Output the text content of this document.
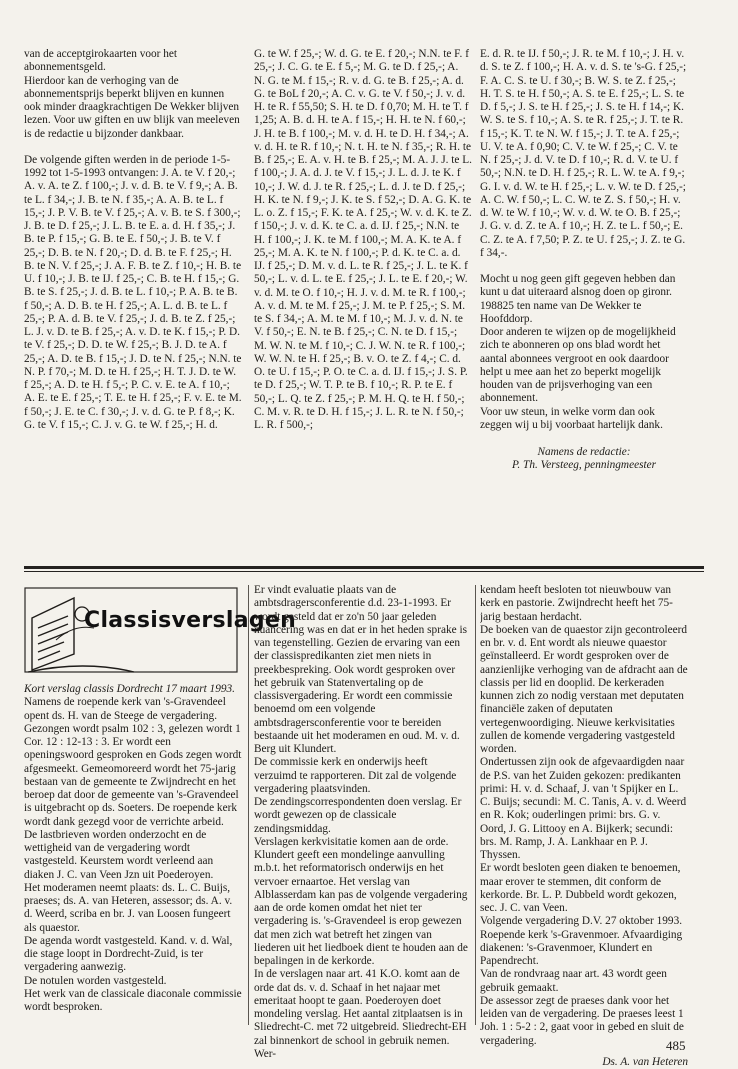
van de acceptgirokaarten voor het abonnementsgeld.

Hierdoor kan de verhoging van de abonnementsprijs beperkt blijven en kunnen ook minder draagkrachtigen De Wekker blijven lezen. Voor uw giften en uw blijk van meeleven is de redactie u bijzonder dankbaar.

De volgende giften werden in de periode 1-5-1992 tot 1-5-1993 ontvangen: J. A. te V. f 20,-; A. v. A. te Z. f 100,-; J. v. d. B. te V. f 9,-; A. B. te L. f 34,-; J. B. te N. f 35,-; A. A. B. te L. f 15,-; J. P. V. B. te V. f 25,-; A. v. B. te S. f 300,-; J. B. te D. f 25,-; J. L. B. te E. a. d. H. f 35,-; J. B. te P. f 15,-; G. B. te E. f 50,-; J. B. te V. f 25,-; D. B. te N. f 20,-; D. d. B. te F. f 25,-; H. B. te N. V. f 25,-; J. A. F. B. te Z. f 10,-; H. B. te U. f 10,-; J. B. te IJ. f 25,-; C. B. te H. f 15,-; G. B. te S. f 25,-; J. d. B. te L. f 10,-; P. A. B. te B. f 50,-; A. D. B. te H. f 25,-; A. L. d. B. te L. f 25,-; P. A. d. B. te V. f 25,-; J. d. B. te Z. f 25,-; L. J. v. D. te B. f 25,-; A. v. D. te K. f 15,-; P. D. te V. f 25,-; D. D. te W. f 25,-; B. J. D. te A. f 25,-; A. D. te B. f 15,-; J. D. te N. f 25,-; N.N. te N. P. f 70,-; M. D. te H. f 25,-; H. T. J. D. te W. f 25,-; A. D. te H. f 5,-; P. C. v. E. te A. f 10,-; A. E. te E. f 25,-; T. E. te H. f 25,-; F. v. E. te M. f 50,-; J. E. te C. f 30,-; J. v. d. G. te P. f 8,-; K. G. te V. f 15,-; C. J. v. G. te W. f 25,-; H. d.

G. te W. f 25,-; W. d. G. te E. f 20,-; N.N. te F. f 25,-; J. C. G. te E. f 5,-; M. G. te D. f 25,-; A. N. G. te M. f 15,-; R. v. d. G. te B. f 25,-; A. d. G. te BoL f 20,-; A. C. v. G. te V. f 50,-; J. v. d. H. te R. f 55,50; S. H. te D. f 0,70; M. H. te T. f 1,25; A. B. d. H. te A. f 15,-; H. H. te N. f 60,-; J. H. te B. f 100,-; M. v. d. H. te D. H. f 34,-; A. v. d. H. te R. f 10,-; N. t. H. te N. f 35,-; R. H. te B. f 25,-; E. A. v. H. te B. f 25,-; M. A. J. J. te L. f 100,-; J. A. d. J. te V. f 15,-; J. L. d. J. te K. f 10,-; J. W. d. J. te R. f 25,-; L. d. J. te D. f 25,-; H. K. te N. f 9,-; J. K. te S. f 52,-; D. A. G. K. te L. o. Z. f 15,-; F. K. te A. f 25,-; W. v. d. K. te Z. f 150,-; J. v. d. K. te C. a. d. IJ. f 25,-; N.N. te H. f 100,-; J. K. te M. f 100,-; M. A. K. te A. f 25,-; M. A. K. te N. f 100,-; P. d. K. te C. a. d. IJ. f 25,-; D. M. v. d. L. te R. f 25,-; J. L. te K. f 50,-; L. v. d. L. te E. f 25,-; J. L. te E. f 20,-; W. v. d. M. te O. f 10,-; H. J. v. d. M. te R. f 100,-; A. v. d. M. te M. f 25,-; J. M. te P. f 25,-; S. M. te S. f 34,-; A. M. te M. f 10,-; M. J. v. d. N. te V. f 50,-; E. N. te B. f 25,-; C. N. te D. f 15,-; M. W. N. te M. f 10,-; C. J. W. N. te R. f 100,-; W. W. N. te H. f 25,-; B. v. O. te Z. f 4,-; C. d. O. te U. f 15,-; P. O. te C. a. d. IJ. f 15,-; J. S. P. te D. f 25,-; W. T. P. te B. f 10,-; R. P. te E. f 50,-; L. Q. te Z. f 25,-; P. M. H. Q. te H. f 50,-; C. M. v. R. te D. H. f 15,-; J. L. R. te N. f 50,-; L. R. f 500,-;

E. d. R. te IJ. f 50,-; J. R. te M. f 10,-; J. H. v. d. S. te Z. f 100,-; H. A. v. d. S. te 's-G. f 25,-; F. A. C. S. te U. f 30,-; B. W. S. te Z. f 25,-; H. T. S. te H. f 50,-; A. S. te E. f 25,-; L. S. te D. f 5,-; J. S. te H. f 25,-; J. S. te H. f 14,-; K. W. S. te S. f 10,-; A. S. te R. f 25,-; J. T. te R. f 15,-; K. T. te N. W. f 15,-; J. T. te A. f 25,-; U. V. te A. f 0,90; C. V. te W. f 25,-; C. V. te N. f 25,-; J. d. V. te D. f 10,-; R. d. V. te U. f 50,-; N.N. te D. H. f 25,-; R. L. W. te A. f 9,-; G. I. v. d. W. te H. f 25,-; L. v. W. te D. f 25,-; A. C. W. f 50,-; L. C. W. te Z. S. f 50,-; H. v. d. W. te W. f 10,-; W. v. d. W. te O. B. f 25,-; J. G. v. d. Z. te A. f 10,-; H. Z. te L. f 50,-; E. C. Z. te A. f 7,50; P. Z. te U. f 25,-; J. Z. te G. f 34,-.

Mocht u nog geen gift gegeven hebben dan kunt u dat uiteraard alsnog doen op gironr. 198825 ten name van De Wekker te Hoofddorp.

Door anderen te wijzen op de mogelijkheid zich te abonneren op ons blad wordt het aantal abonnees vergroot en ook daardoor helpt u mee aan het zo beperkt mogelijk houden van de prijsverhoging van een abonnement.

Voor uw steun, in welke vorm dan ook zeggen wij u bij voorbaat hartelijk dank.

Namens de redactie:
P. Th. Versteeg, penningmeester
Classisverslagen

Kort verslag classis Dordrecht 17 maart 1993.

Namens de roepende kerk van 's-Gravendeel opent ds. H. van de Steege de vergadering. Gezongen wordt psalm 102 : 3, gelezen wordt 1 Cor. 12 : 12-13 : 3. Er wordt een openingswoord gesproken en Gods zegen wordt afgesmeekt. Gemeomoreerd wordt het 75-jarig bestaan van de gemeente te Zwijndrecht en het beroep dat door de gemeente van 's-Gravendeel is uitgebracht op ds. Soeters. De roepende kerk wordt dank gezegd voor de verrichte arbeid.

De lastbrieven worden onderzocht en de wettigheid van de vergadering wordt vastgesteld. Keurstem wordt verleend aan diaken J. C. van Veen Jzn uit Poederoyen.

Het moderamen neemt plaats: ds. L. C. Buijs, praeses; ds. A. van Heteren, assessor; ds. A. v. d. Weerd, scriba en br. J. van Loosen fungeert als quaestor.

De agenda wordt vastgesteld. Kand. v. d. Wal, die stage loopt in Dordrecht-Zuid, is ter vergadering aanwezig.

De notulen worden vastgesteld.

Het werk van de classicale diaconale commissie wordt besproken.

Er vindt evaluatie plaats van de ambtsdragersconferentie d.d. 23-1-1993. Er wordt gesteld dat er zo'n 50 jaar geleden nuancering was en dat er in het heden sprake is van tegenstelling. Gezien de ervaring van een der classispredikanten ziet men niets in preekbespreking. Ook wordt gesproken over het gebruik van Statenvertaling op de classisvergadering. Er wordt een commissie benoemd om een volgende ambtsdragersconferentie voor te bereiden bestaande uit het moderamen en oud. M. v. d. Berg uit Klundert.

De commissie kerk en onderwijs heeft verzuimd te rapporteren. Dit zal de volgende vergadering plaatsvinden.

De zendingscorrespondenten doen verslag. Er wordt gewezen op de classicale zendingsmiddag.

Verslagen kerkvisitatie komen aan de orde. Klundert geeft een mondelinge aanvulling m.b.t. het reformatorisch onderwijs en het vervoer ernaartoe. Het verslag van Alblasserdam kan pas de volgende vergadering aan de orde komen omdat het niet ter vergadering is. 's-Gravendeel is erop gewezen dat men zich wat betreft het zingen van liederen uit het liedboek dient te houden aan de bepalingen in de kerkorde.

In de verslagen naar art. 41 K.O. komt aan de orde dat ds. v. d. Schaaf in het najaar met emeritaat hoopt te gaan. Poederoyen doet mondeling verslag. Het aantal zitplaatsen is in Sliedrecht-C. met 72 uitgebreid. Sliedrecht-EH zal binnenkort de school in gebruik nemen. Wer-

kendam heeft besloten tot nieuwbouw van kerk en pastorie. Zwijndrecht heeft het 75-jarig bestaan herdacht.

De boeken van de quaestor zijn gecontroleerd en br. v. d. Ent wordt als nieuwe quaestor geïnstalleerd. Er wordt gesproken over de aanzienlijke verhoging van de afdracht aan de classis per lid en dooplid. De kerkeraden kunnen zich zo nodig verstaan met deputaten financiële zaken of deputaten vertegenwoordiging. Nieuwe kerkvisitaties zullen de komende vergadering vastgesteld worden.

Ondertussen zijn ook de afgevaardigden naar de P.S. van het Zuiden gekozen: predikanten primi: H. v. d. Schaaf, J. van 't Spijker en L. C. Buijs; secundi: M. C. Tanis, A. v. d. Weerd en R. Kok; ouderlingen primi: brs. G. v. Oord, J. G. Littooy en A. Bijkerk; secundi: brs. M. Ramp, J. A. Lankhaar en P. J. Thyssen.

Er wordt besloten geen diaken te benoemen, maar erover te stemmen, dit conform de kerkorde. Br. L. P. Dubbeld wordt gekozen, sec. J. C. van Veen.

Volgende vergadering D.V. 27 oktober 1993. Roepende kerk 's-Gravenmoer. Afvaardiging diakenen: 's-Gravenmoer, Klundert en Papendrecht.

Van de rondvraag naar art. 43 wordt geen gebruik gemaakt.

De assessor zegt de praeses dank voor het leiden van de vergadering. De praeses leest 1 Joh. 1 : 5-2 : 2, gaat voor in gebed en sluit de vergadering.

Ds. A. van Heteren

485
